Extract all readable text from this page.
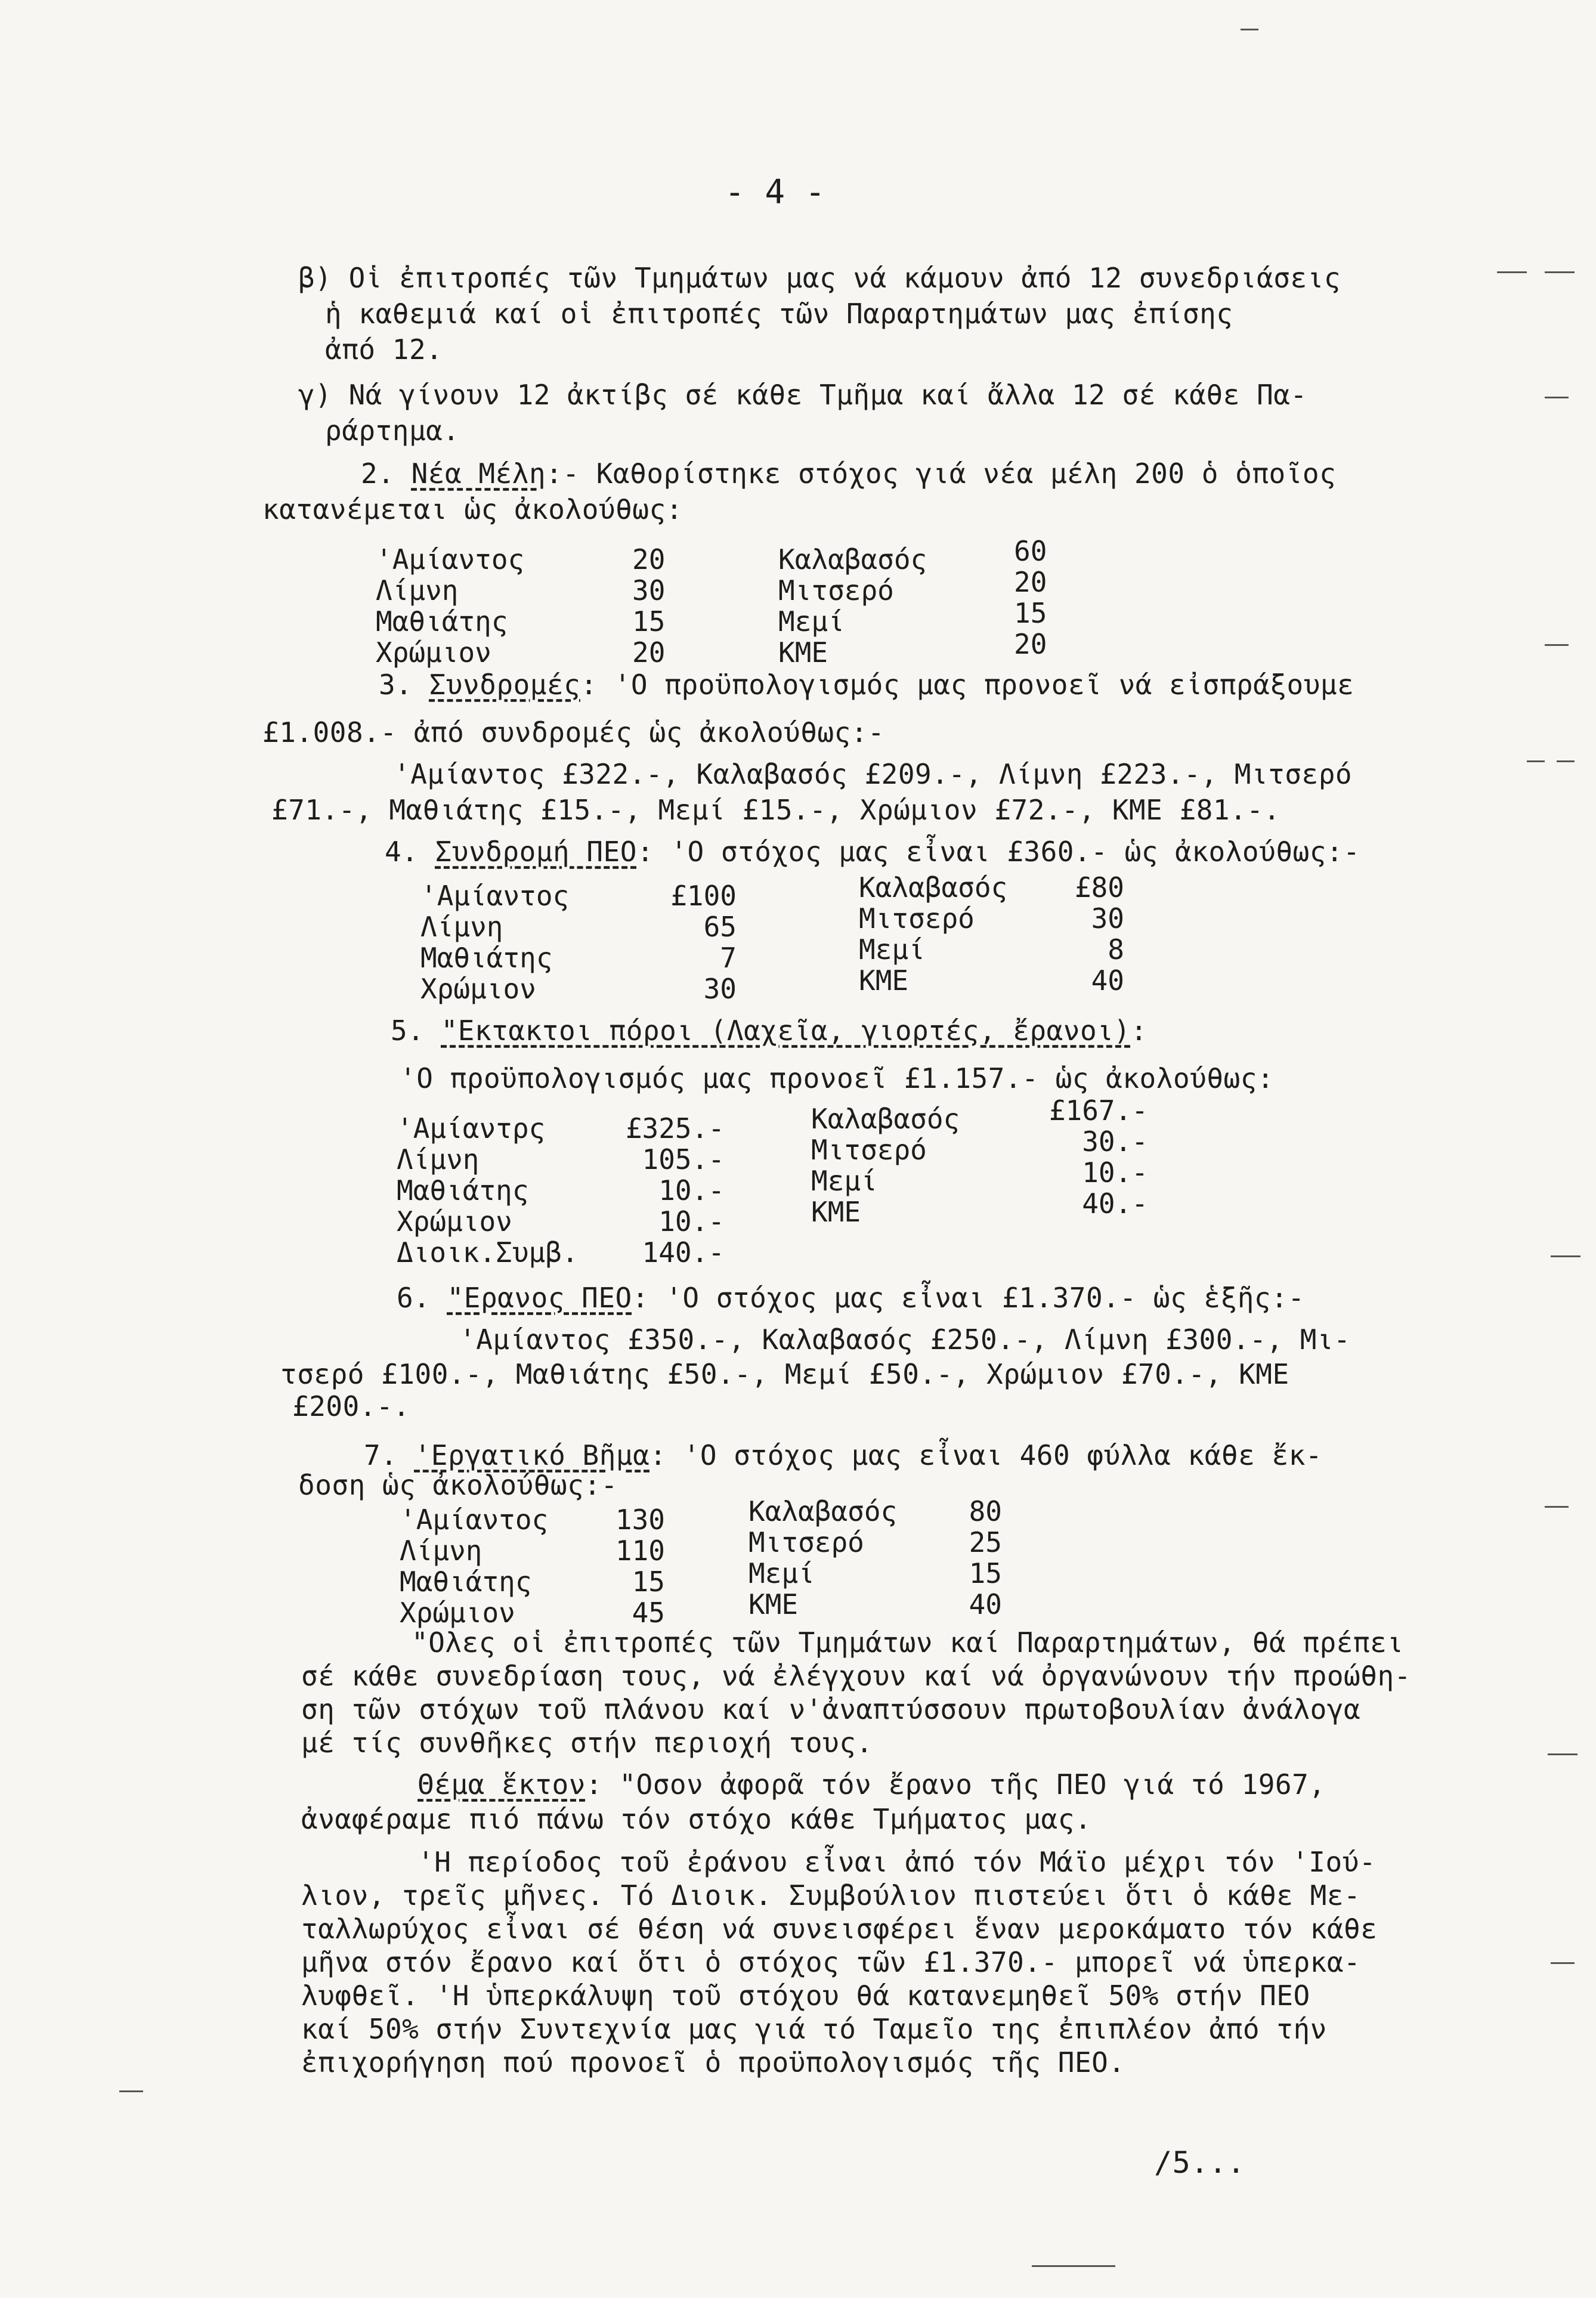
- 4 -
β) Οἱ ἐπιτροπές τῶν Τμημάτων μας νά κάμουν ἀπό 12 συνεδριάσεις
ἡ καθεμιά καί οἱ ἐπιτροπές τῶν Παραρτημάτων μας ἐπίσης
ἀπό 12.
γ) Νά γίνουν 12 ἀκτίβς σέ κάθε Τμῆμα καί ἄλλα 12 σέ κάθε Πα-
ράρτημα.
2. Νέα Μέλη:- Καθορίστηκε στόχος γιά νέα μέλη 200 ὁ ὁποῖος
κατανέμεται ὡς ἀκολούθως:
'Αμίαντος
Λίμνη
Μαθιάτης
Χρώμιον
20
30
15
20
Καλαβασός
Μιτσερό
Μεμί
ΚΜΕ
60
20
15
20
3. Συνδρομές: 'Ο προϋπολογισμός μας προνοεῖ νά εἰσπράξουμε
£1.008.- ἀπό συνδρομές ὡς ἀκολούθως:-
'Αμίαντος £322.-, Καλαβασός £209.-, Λίμνη £223.-, Μιτσερό
£71.-, Μαθιάτης £15.-, Μεμί £15.-, Χρώμιον £72.-, ΚΜΕ £81.-.
4. Συνδρομή ΠΕΟ: 'Ο στόχος μας εἶναι £360.- ὡς ἀκολούθως:-
'Αμίαντος
Λίμνη
Μαθιάτης
Χρώμιον
£100
65
7
30
Καλαβασός
Μιτσερό
Μεμί
ΚΜΕ
£80
30
8
40
5. "Εκτακτοι πόροι (Λαχεῖα, γιορτές, ἔρανοι):
'Ο προϋπολογισμός μας προνοεῖ £1.157.- ὡς ἀκολούθως:
'Αμίαντρς
Λίμνη
Μαθιάτης
Χρώμιον
Διοικ.Συμβ.
£325.-
105.-
10.-
10.-
140.-
Καλαβασός
Μιτσερό
Μεμί
ΚΜΕ
£167.-
30.-
10.-
40.-
6. "Ερανος ΠΕΟ: 'Ο στόχος μας εἶναι £1.370.- ὡς ἑξῆς:-
'Αμίαντος £350.-, Καλαβασός £250.-, Λίμνη £300.-, Μι-
τσερό £100.-, Μαθιάτης £50.-, Μεμί £50.-, Χρώμιον £70.-, ΚΜΕ
£200.-.
7. 'Εργατικό Βῆμα: 'Ο στόχος μας εἶναι 460 φύλλα κάθε ἔκ-
δοση ὡς ἀκολούθως:-
'Αμίαντος
Λίμνη
Μαθιάτης
Χρώμιον
130
110
15
45
Καλαβασός
Μιτσερό
Μεμί
ΚΜΕ
80
25
15
40
"Ολες οἱ ἐπιτροπές τῶν Τμημάτων καί Παραρτημάτων, θά πρέπει
σέ κάθε συνεδρίαση τους, νά ἐλέγχουν καί νά ὀργανώνουν τήν προώθη-
ση τῶν στόχων τοῦ πλάνου καί ν'ἀναπτύσσουν πρωτοβουλίαν ἀνάλογα
μέ τίς συνθῆκες στήν περιοχή τους.
Θέμα ἕκτον: "Οσον ἀφορᾶ τόν ἔρανο τῆς ΠΕΟ γιά τό 1967,
ἀναφέραμε πιό πάνω τόν στόχο κάθε Τμήματος μας.
'Η περίοδος τοῦ ἐράνου εἶναι ἀπό τόν Μάϊο μέχρι τόν 'Ιού-
λιον, τρεῖς μῆνες. Τό Διοικ. Συμβούλιον πιστεύει ὅτι ὁ κάθε Με-
ταλλωρύχος εἶναι σέ θέση νά συνεισφέρει ἕναν μεροκάματο τόν κάθε
μῆνα στόν ἔρανο καί ὅτι ὁ στόχος τῶν £1.370.- μπορεῖ νά ὑπερκα-
λυφθεῖ. 'Η ὑπερκάλυψη τοῦ στόχου θά κατανεμηθεῖ 50% στήν ΠΕΟ
καί 50% στήν Συντεχνία μας γιά τό Ταμεῖο της ἐπιπλέον ἀπό τήν
ἐπιχορήγηση πού προνοεῖ ὁ προϋπολογισμός τῆς ΠΕΟ.
/5...
